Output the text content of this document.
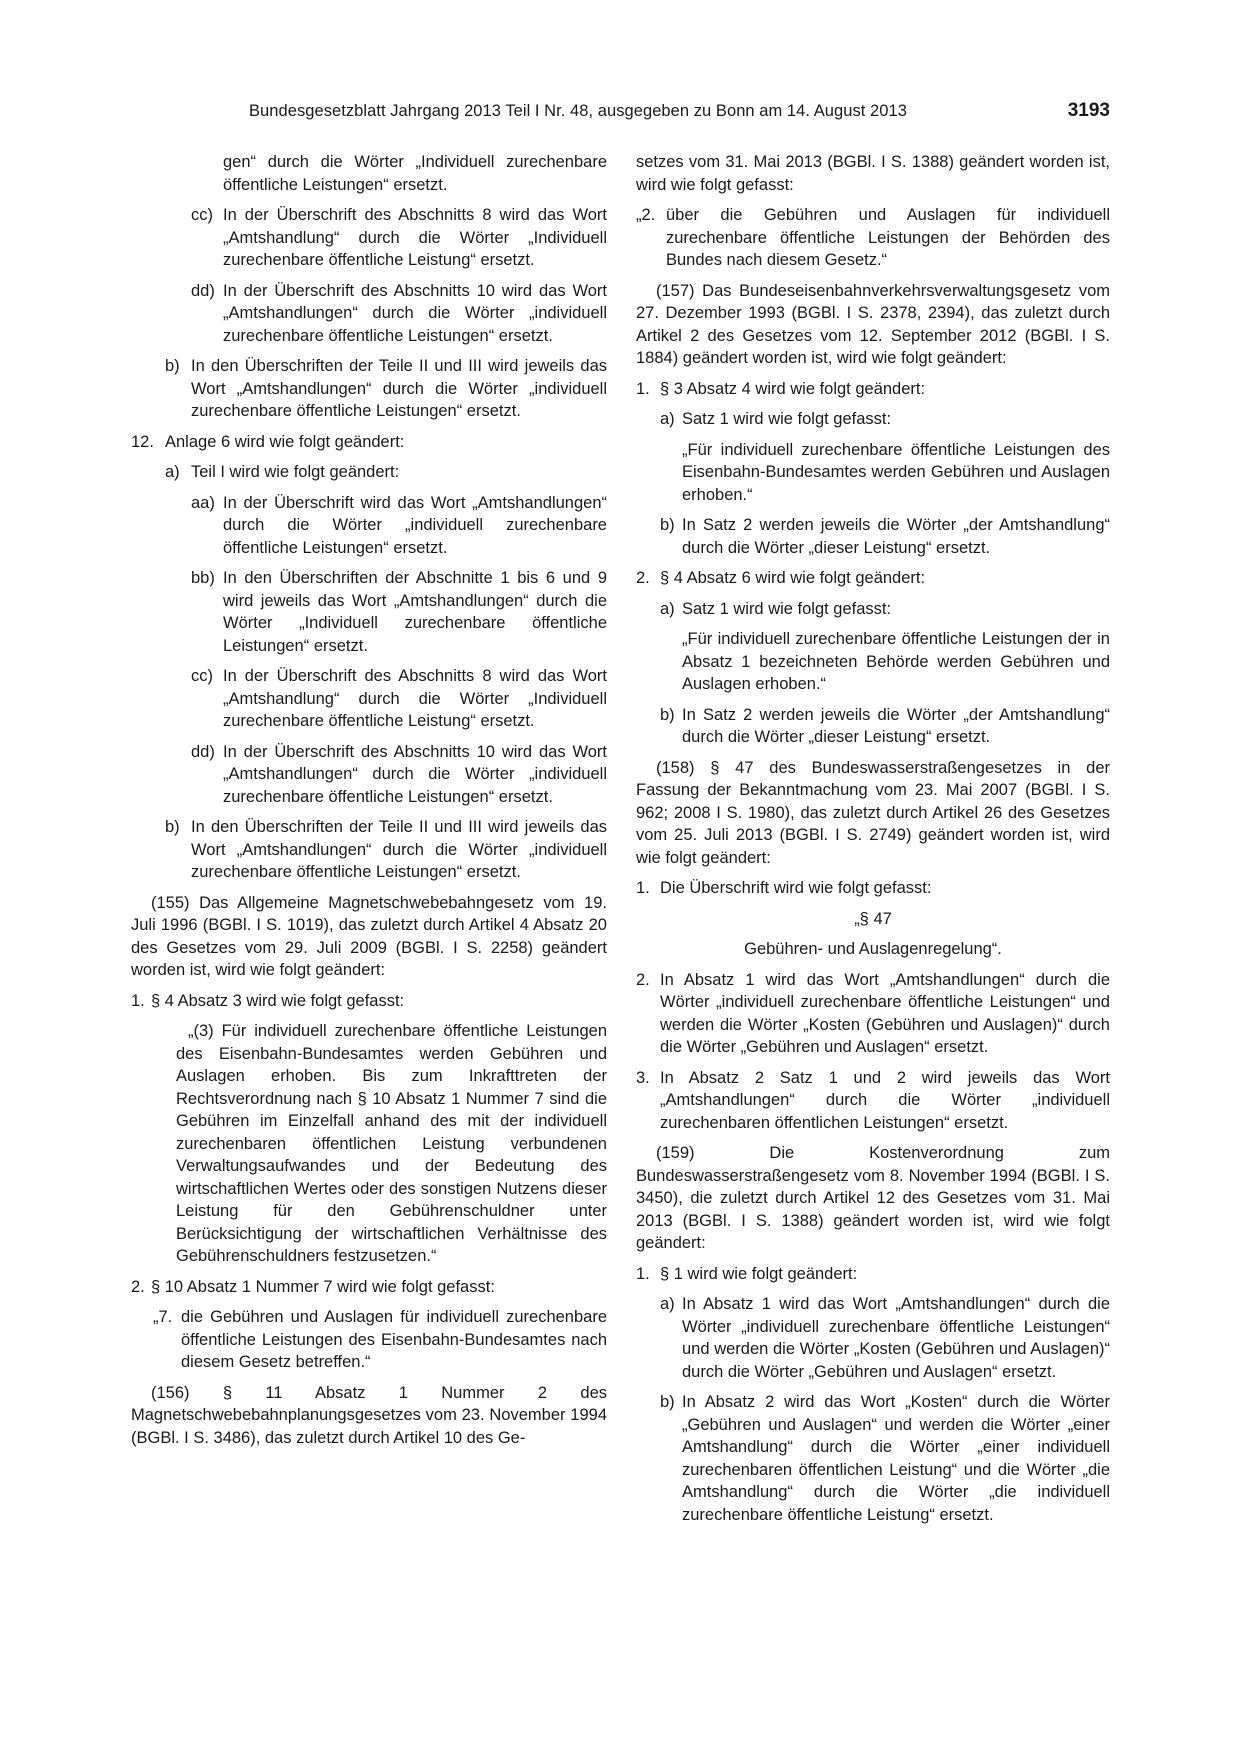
Bundesgesetzblatt Jahrgang 2013 Teil I Nr. 48, ausgegeben zu Bonn am 14. August 2013	3193
gen“ durch die Wörter „Individuell zurechenbare öffentliche Leistungen“ ersetzt.
cc) In der Überschrift des Abschnitts 8 wird das Wort „Amtshandlung“ durch die Wörter „Individuell zurechenbare öffentliche Leistung“ ersetzt.
dd) In der Überschrift des Abschnitts 10 wird das Wort „Amtshandlungen“ durch die Wörter „individuell zurechenbare öffentliche Leistungen“ ersetzt.
b) In den Überschriften der Teile II und III wird jeweils das Wort „Amtshandlungen“ durch die Wörter „individuell zurechenbare öffentliche Leistungen“ ersetzt.
12. Anlage 6 wird wie folgt geändert:
a) Teil I wird wie folgt geändert:
aa) In der Überschrift wird das Wort „Amtshandlungen“ durch die Wörter „individuell zurechenbare öffentliche Leistungen“ ersetzt.
bb) In den Überschriften der Abschnitte 1 bis 6 und 9 wird jeweils das Wort „Amtshandlungen“ durch die Wörter „Individuell zurechenbare öffentliche Leistungen“ ersetzt.
cc) In der Überschrift des Abschnitts 8 wird das Wort „Amtshandlung“ durch die Wörter „Individuell zurechenbare öffentliche Leistung“ ersetzt.
dd) In der Überschrift des Abschnitts 10 wird das Wort „Amtshandlungen“ durch die Wörter „individuell zurechenbare öffentliche Leistungen“ ersetzt.
b) In den Überschriften der Teile II und III wird jeweils das Wort „Amtshandlungen“ durch die Wörter „individuell zurechenbare öffentliche Leistungen“ ersetzt.
(155) Das Allgemeine Magnetschwebebahngesetz vom 19. Juli 1996 (BGBl. I S. 1019), das zuletzt durch Artikel 4 Absatz 20 des Gesetzes vom 29. Juli 2009 (BGBl. I S. 2258) geändert worden ist, wird wie folgt geändert:
1. § 4 Absatz 3 wird wie folgt gefasst:
„(3) Für individuell zurechenbare öffentliche Leistungen des Eisenbahn-Bundesamtes werden Gebühren und Auslagen erhoben. Bis zum Inkrafttreten der Rechtsverordnung nach § 10 Absatz 1 Nummer 7 sind die Gebühren im Einzelfall anhand des mit der individuell zurechenbaren öffentlichen Leistung verbundenen Verwaltungsaufwandes und der Bedeutung des wirtschaftlichen Wertes oder des sonstigen Nutzens dieser Leistung für den Gebührenschuldner unter Berücksichtigung der wirtschaftlichen Verhältnisse des Gebührenschuldners festzusetzen.“
2. § 10 Absatz 1 Nummer 7 wird wie folgt gefasst:
„7. die Gebühren und Auslagen für individuell zurechenbare öffentliche Leistungen des Eisenbahn-Bundesamtes nach diesem Gesetz betreffen.“
(156) § 11 Absatz 1 Nummer 2 des Magnetschwebebahnplanungsgesetzes vom 23. November 1994 (BGBl. I S. 3486), das zuletzt durch Artikel 10 des Ge-
setzes vom 31. Mai 2013 (BGBl. I S. 1388) geändert worden ist, wird wie folgt gefasst:
„2. über die Gebühren und Auslagen für individuell zurechenbare öffentliche Leistungen der Behörden des Bundes nach diesem Gesetz.“
(157) Das Bundeseisenbahnverkehrsverwaltungsgesetz vom 27. Dezember 1993 (BGBl. I S. 2378, 2394), das zuletzt durch Artikel 2 des Gesetzes vom 12. September 2012 (BGBl. I S. 1884) geändert worden ist, wird wie folgt geändert:
1. § 3 Absatz 4 wird wie folgt geändert:
a) Satz 1 wird wie folgt gefasst:
„Für individuell zurechenbare öffentliche Leistungen des Eisenbahn-Bundesamtes werden Gebühren und Auslagen erhoben.“
b) In Satz 2 werden jeweils die Wörter „der Amtshandlung“ durch die Wörter „dieser Leistung“ ersetzt.
2. § 4 Absatz 6 wird wie folgt geändert:
a) Satz 1 wird wie folgt gefasst:
„Für individuell zurechenbare öffentliche Leistungen der in Absatz 1 bezeichneten Behörde werden Gebühren und Auslagen erhoben.“
b) In Satz 2 werden jeweils die Wörter „der Amtshandlung“ durch die Wörter „dieser Leistung“ ersetzt.
(158) § 47 des Bundeswasserstraßengesetzes in der Fassung der Bekanntmachung vom 23. Mai 2007 (BGBl. I S. 962; 2008 I S. 1980), das zuletzt durch Artikel 26 des Gesetzes vom 25. Juli 2013 (BGBl. I S. 2749) geändert worden ist, wird wie folgt geändert:
1. Die Überschrift wird wie folgt gefasst:
„§ 47
Gebühren- und Auslagenregelung“.
2. In Absatz 1 wird das Wort „Amtshandlungen“ durch die Wörter „individuell zurechenbare öffentliche Leistungen“ und werden die Wörter „Kosten (Gebühren und Auslagen)“ durch die Wörter „Gebühren und Auslagen“ ersetzt.
3. In Absatz 2 Satz 1 und 2 wird jeweils das Wort „Amtshandlungen“ durch die Wörter „individuell zurechenbaren öffentlichen Leistungen“ ersetzt.
(159) Die Kostenverordnung zum Bundeswasserstraßengesetz vom 8. November 1994 (BGBl. I S. 3450), die zuletzt durch Artikel 12 des Gesetzes vom 31. Mai 2013 (BGBl. I S. 1388) geändert worden ist, wird wie folgt geändert:
1. § 1 wird wie folgt geändert:
a) In Absatz 1 wird das Wort „Amtshandlungen“ durch die Wörter „individuell zurechenbare öffentliche Leistungen“ und werden die Wörter „Kosten (Gebühren und Auslagen)“ durch die Wörter „Gebühren und Auslagen“ ersetzt.
b) In Absatz 2 wird das Wort „Kosten“ durch die Wörter „Gebühren und Auslagen“ und werden die Wörter „einer Amtshandlung“ durch die Wörter „einer individuell zurechenbaren öffentlichen Leistung“ und die Wörter „die Amtshandlung“ durch die Wörter „die individuell zurechenbare öffentliche Leistung“ ersetzt.
